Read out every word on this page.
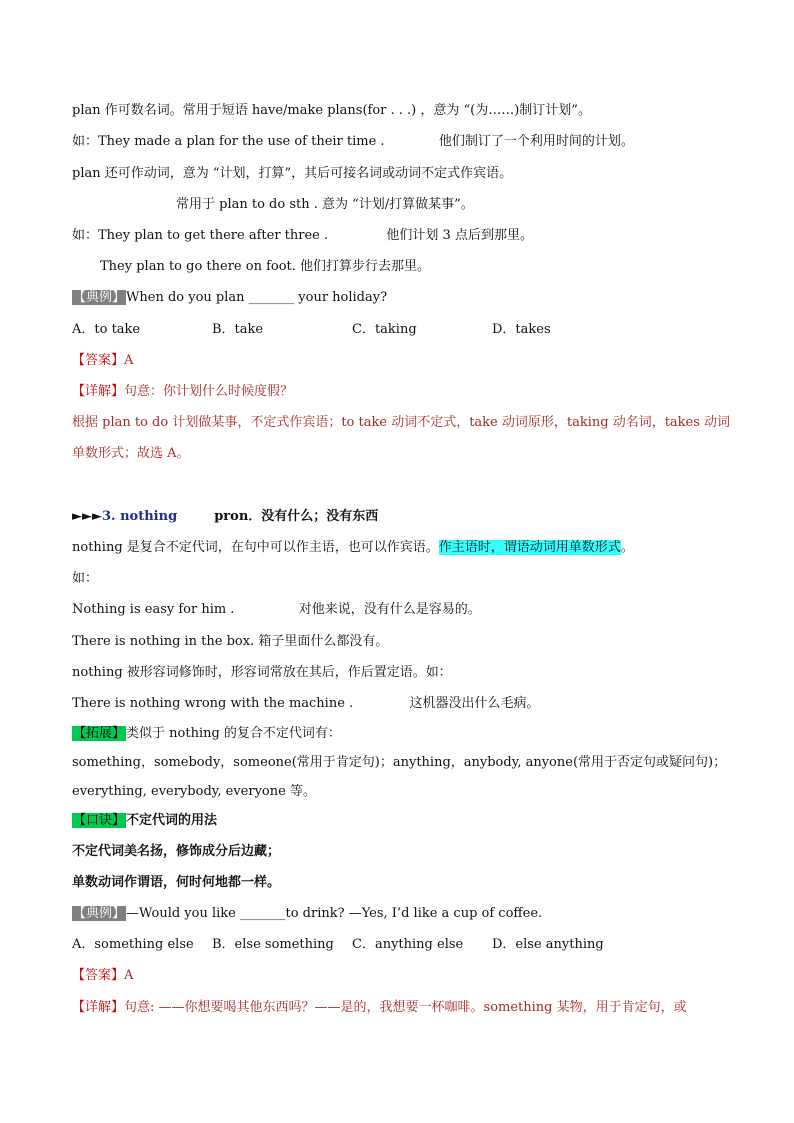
plan 作可数名词。常用于短语 have/make plans(for . . .) ，意为 “(为……)制订计划”。
如：They made a plan for the use of their time .	他们制订了一个利用时间的计划。
plan 还可作动词，意为 “计划，打算”，其后可接名词或动词不定式作宾语。
常用于 plan to do sth . 意为 “计划/打算做某事”。
如：They plan to get there after three .	他们计划 3 点后到那里。
They plan to go there on foot. 他们打算步行去那里。
【典例】When do you plan _______ your holiday?
A．to take	B．take	C．taking	D．takes
【答案】A
【详解】句意：你计划什么时候度假？
根据 plan to do 计划做某事，不定式作宾语；to take 动词不定式，take 动词原形，taking 动名词，takes 动词
单数形式；故选 A。
►►►3. nothing	pron．没有什么；没有东西
nothing 是复合不定代词，在句中可以作主语，也可以作宾语。作主语时，谓语动词用单数形式。
如：
Nothing is easy for him .	对他来说，没有什么是容易的。
There is nothing in the box. 箱子里面什么都没有。
nothing 被形容词修饰时，形容词常放在其后，作后置定语。如：
There is nothing wrong with the machine .	这机器没出什么毛病。
【拓展】类似于 nothing 的复合不定代词有：
something，somebody，someone(常用于肯定句)；anything，anybody, anyone(常用于否定句或疑问句)；
everything, everybody, everyone 等。
【口诀】不定代词的用法
不定代词美名扬，修饰成分后边藏；
单数动词作谓语，何时何地都一样。
【典例】—Would you like _______to drink? —Yes, I’d like a cup of coffee.
A．something else B．else something C．anything else D．else anything
【答案】A
【详解】句意: ——你想要喝其他东西吗？——是的，我想要一杯咖啡。something 某物，用于肯定句，或
